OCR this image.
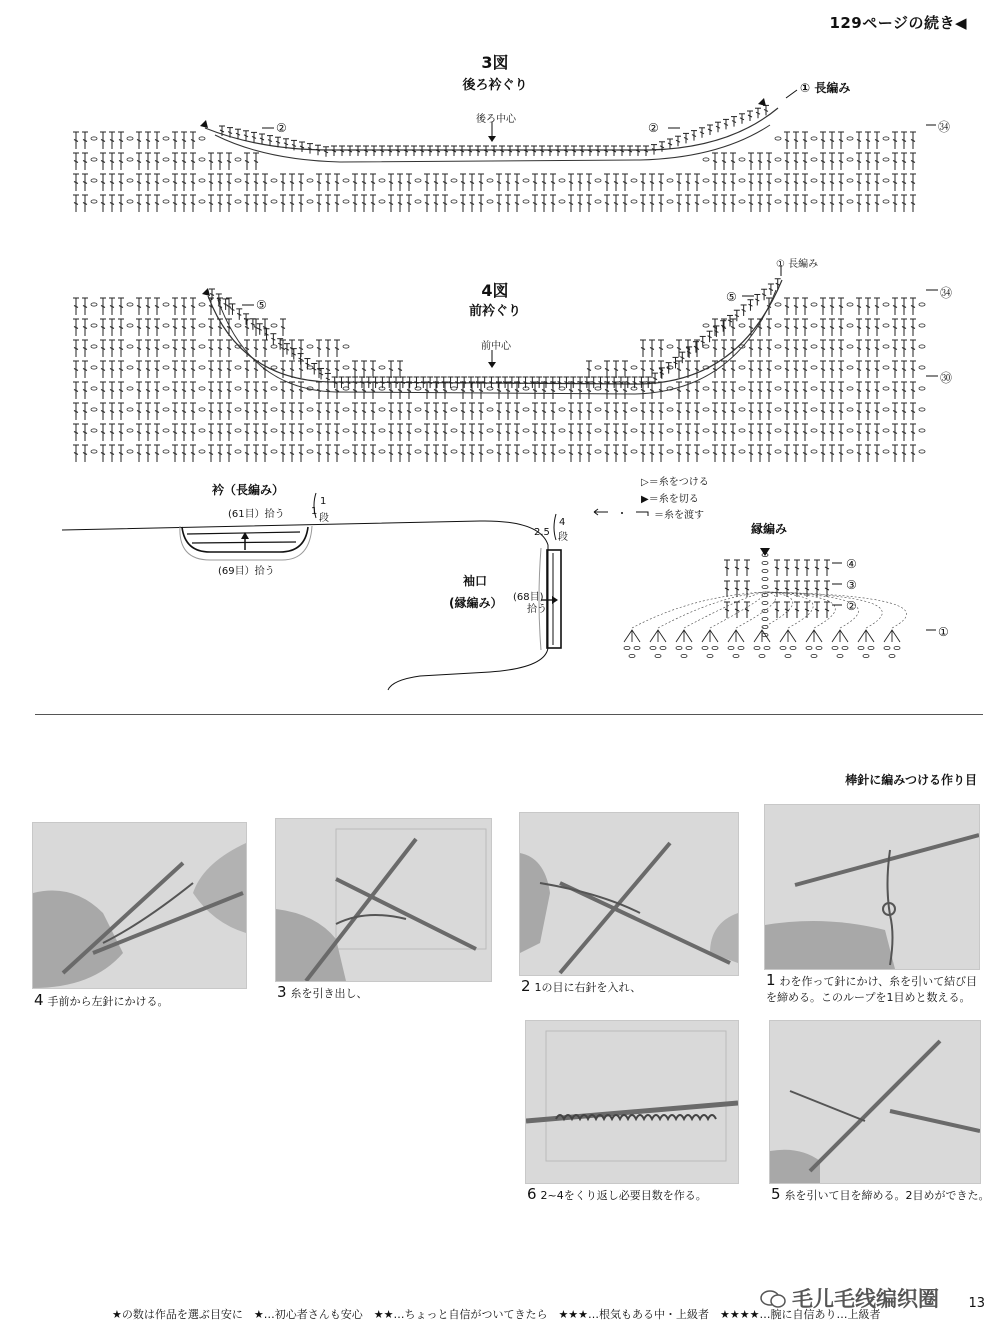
129ページの続き◀
3図
後ろ衿ぐり
後ろ中心
① 長編み
②	②	㉞
4図
前衿ぐり
前中心
① 長編み
⑤
⑤	㉞
㉚
衿（長編み）
(61目）拾う
(69目）拾う
1
1
段
袖口
(縁編み） (68目)
拾う
2.5
4
段
▷＝糸をつける
▶＝糸を切る
＝糸を渡す
縁編み
④
③
②
①
棒針に編みつける作り目
4 手前から左針にかける。
3 糸を引き出し、	2 1の目に右針を入れ、	1 わを作って針にかけ、糸を引いて結び目を締める。このループを1目めと数える。
6 2~4をくり返し必要目数を作る。	5 糸を引いて目を締める。2目めができた。
毛儿毛线编织圈
★の数は作品を選ぶ目安に　★…初心者さんも安心　★★…ちょっと自信がついてきたら　★★★…根気もある中・上級者　★★★★…腕に自信あり…上級者
13
